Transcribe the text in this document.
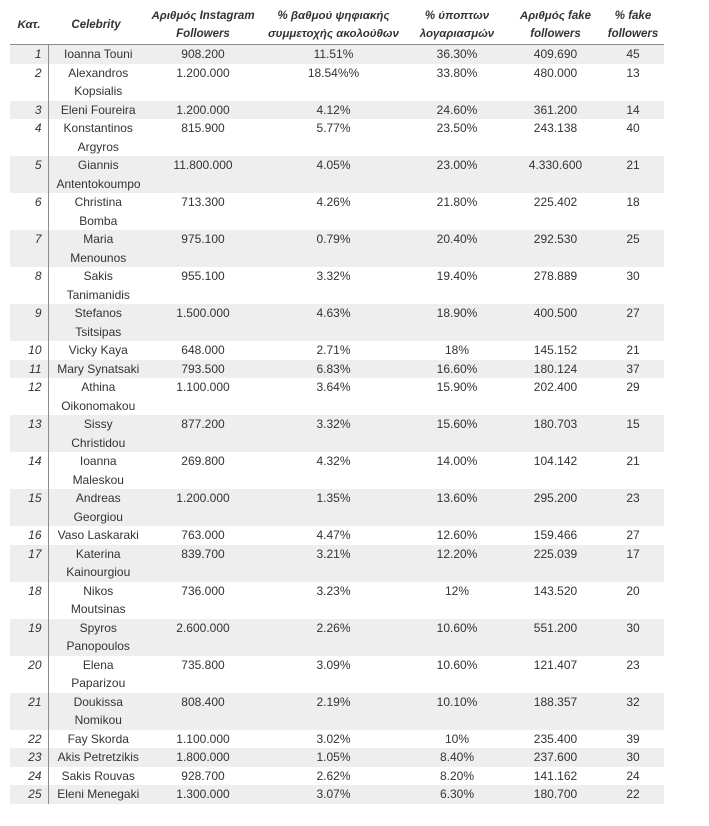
Κατ.	Celebrity	Αριθμός Instagram Followers	% βαθμού ψηφιακής συμμετοχής ακολούθων	% ύποπτων λογαριασμών	Αριθμός fake followers	% fake followers
1	Ioanna Touni	908.200	11.51%	36.30%	409.690	45
2	Alexandros Kopsialis	1.200.000	18.54%%	33.80%	480.000	13
3	Eleni Foureira	1.200.000	4.12%	24.60%	361.200	14
4	Konstantinos Argyros	815.900	5.77%	23.50%	243.138	40
5	Giannis Antentokoumpo	11.800.000	4.05%	23.00%	4.330.600	21
6	Christina Bomba	713.300	4.26%	21.80%	225.402	18
7	Maria Menounos	975.100	0.79%	20.40%	292.530	25
8	Sakis Tanimanidis	955.100	3.32%	19.40%	278.889	30
9	Stefanos Tsitsipas	1.500.000	4.63%	18.90%	400.500	27
10	Vicky Kaya	648.000	2.71%	18%	145.152	21
11	Mary Synatsaki	793.500	6.83%	16.60%	180.124	37
12	Athina Oikonomakou	1.100.000	3.64%	15.90%	202.400	29
13	Sissy Christidou	877.200	3.32%	15.60%	180.703	15
14	Ioanna Maleskou	269.800	4.32%	14.00%	104.142	21
15	Andreas Georgiou	1.200.000	1.35%	13.60%	295.200	23
16	Vaso Laskaraki	763.000	4.47%	12.60%	159.466	27
17	Katerina Kainourgiou	839.700	3.21%	12.20%	225.039	17
18	Nikos Moutsinas	736.000	3.23%	12%	143.520	20
19	Spyros Panopoulos	2.600.000	2.26%	10.60%	551.200	30
20	Elena Paparizou	735.800	3.09%	10.60%	121.407	23
21	Doukissa Nomikou	808.400	2.19%	10.10%	188.357	32
22	Fay Skorda	1.100.000	3.02%	10%	235.400	39
23	Akis Petretzikis	1.800.000	1.05%	8.40%	237.600	30
24	Sakis Rouvas	928.700	2.62%	8.20%	141.162	24
25	Eleni Menegaki	1.300.000	3.07%	6.30%	180.700	22
